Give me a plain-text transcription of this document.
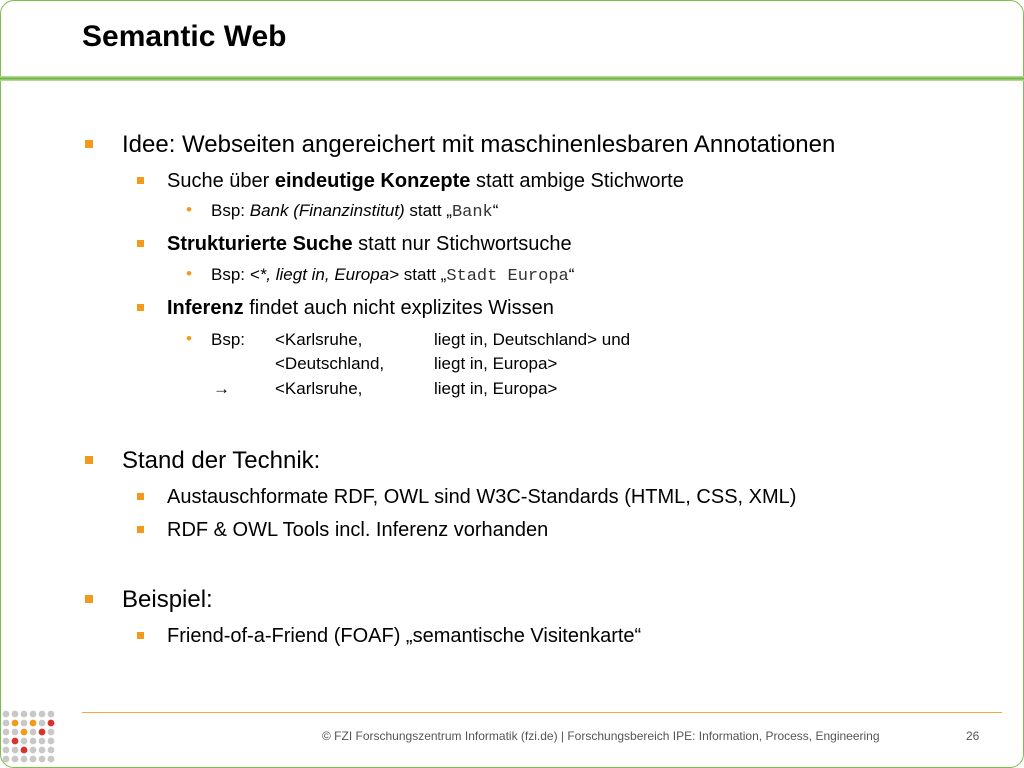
Semantic Web
Idee: Webseiten angereichert mit maschinenlesbaren Annotationen
Suche über eindeutige Konzepte statt ambige Stichworte
• Bsp: Bank (Finanzinstitut) statt „Bank“
Strukturierte Suche statt nur Stichwortsuche
• Bsp: <*, liegt in, Europa> statt „Stadt Europa“
Inferenz findet auch nicht explizites Wissen
• Bsp: <Karlsruhe,	liegt in, Deutschland> und
<Deutschland,	liegt in, Europa>
→	<Karlsruhe,	liegt in, Europa>
Stand der Technik:
Austauschformate RDF, OWL sind W3C-Standards (HTML, CSS, XML)
RDF & OWL Tools incl. Inferenz vorhanden
Beispiel:
Friend-of-a-Friend (FOAF) „semantische Visitenkarte“
© FZI Forschungszentrum Informatik (fzi.de) | Forschungsbereich IPE: Information, Process, Engineering	26
